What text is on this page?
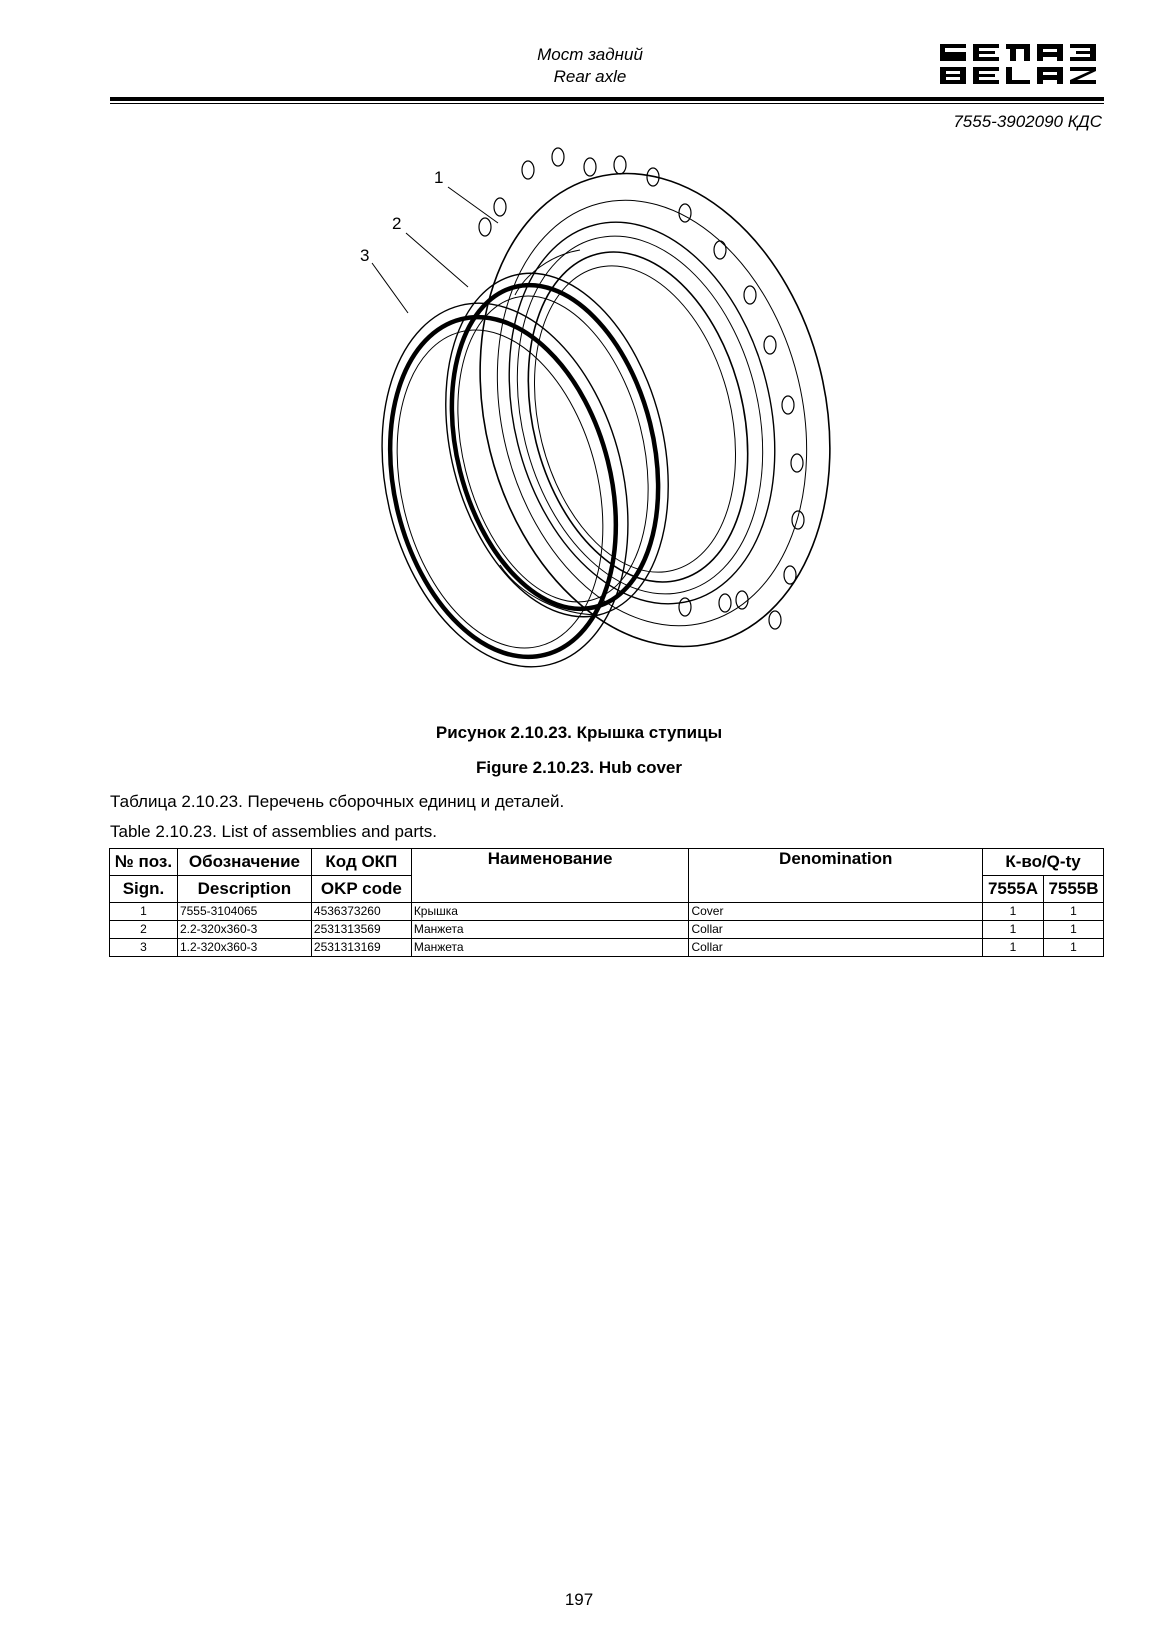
Мост задний
Rear axle
7555-3902090 КДС
1
2
3
Рисунок 2.10.23. Крышка ступицы
Figure 2.10.23. Hub cover
Таблица 2.10.23. Перечень сборочных единиц и деталей.
Table 2.10.23. List of assemblies and parts.
№ поз.	Обозначение	Код ОКП	Наименование	Denomination	К-во/Q-ty	
Sign.	Description	OKP code			7555A	7555B
1	7555-3104065	4536373260	Крышка	Cover	1	1
2	2.2-320x360-3	2531313569	Манжета	Collar	1	1
3	1.2-320x360-3	2531313169	Манжета	Collar	1	1
197
